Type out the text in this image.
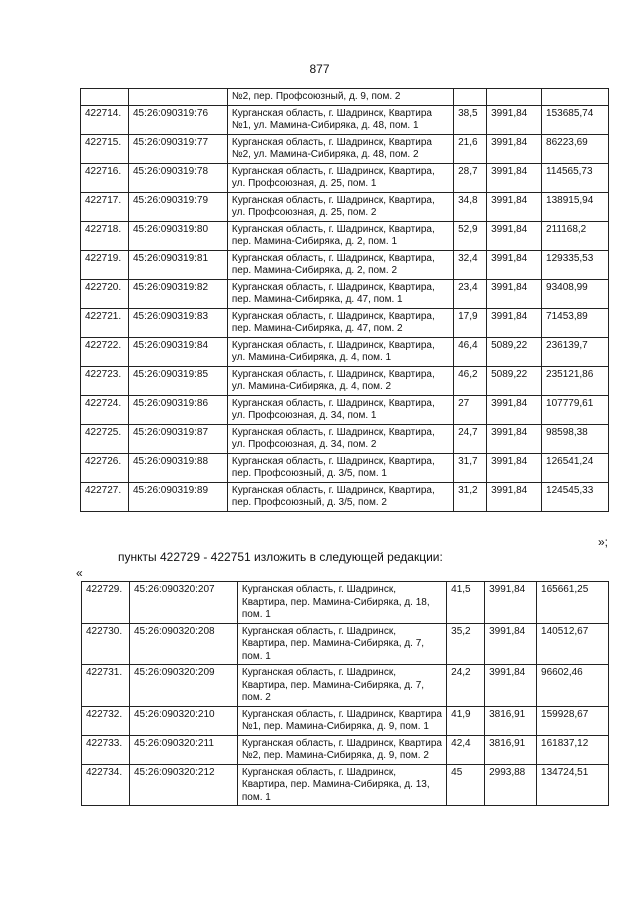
877
		№2, пер. Профсоюзный, д. 9, пом. 2			
422714.	45:26:090319:76	Курганская область, г. Шадринск, Квартира №1, ул. Мамина-Сибиряка, д. 48, пом. 1	38,5	3991,84	153685,74
422715.	45:26:090319:77	Курганская область, г. Шадринск, Квартира №2, ул. Мамина-Сибиряка, д. 48, пом. 2	21,6	3991,84	86223,69
422716.	45:26:090319:78	Курганская область, г. Шадринск, Квартира, ул. Профсоюзная, д. 25, пом. 1	28,7	3991,84	114565,73
422717.	45:26:090319:79	Курганская область, г. Шадринск, Квартира, ул. Профсоюзная, д. 25, пом. 2	34,8	3991,84	138915,94
422718.	45:26:090319:80	Курганская область, г. Шадринск, Квартира, пер. Мамина-Сибиряка, д. 2, пом. 1	52,9	3991,84	211168,2
422719.	45:26:090319:81	Курганская область, г. Шадринск, Квартира, пер. Мамина-Сибиряка, д. 2, пом. 2	32,4	3991,84	129335,53
422720.	45:26:090319:82	Курганская область, г. Шадринск, Квартира, пер. Мамина-Сибиряка, д. 47, пом. 1	23,4	3991,84	93408,99
422721.	45:26:090319:83	Курганская область, г. Шадринск, Квартира, пер. Мамина-Сибиряка, д. 47, пом. 2	17,9	3991,84	71453,89
422722.	45:26:090319:84	Курганская область, г. Шадринск, Квартира, ул. Мамина-Сибиряка, д. 4, пом. 1	46,4	5089,22	236139,7
422723.	45:26:090319:85	Курганская область, г. Шадринск, Квартира, ул. Мамина-Сибиряка, д. 4, пом. 2	46,2	5089,22	235121,86
422724.	45:26:090319:86	Курганская область, г. Шадринск, Квартира, ул. Профсоюзная, д. 34, пом. 1	27	3991,84	107779,61
422725.	45:26:090319:87	Курганская область, г. Шадринск, Квартира, ул. Профсоюзная, д. 34, пом. 2	24,7	3991,84	98598,38
422726.	45:26:090319:88	Курганская область, г. Шадринск, Квартира, пер. Профсоюзный, д. 3/5, пом. 1	31,7	3991,84	126541,24
422727.	45:26:090319:89	Курганская область, г. Шадринск, Квартира, пер. Профсоюзный, д. 3/5, пом. 2	31,2	3991,84	124545,33
»;
пункты 422729 - 422751 изложить в следующей редакции:
«
422729.	45:26:090320:207	Курганская область, г. Шадринск, Квартира, пер. Мамина-Сибиряка, д. 18, пом. 1	41,5	3991,84	165661,25
422730.	45:26:090320:208	Курганская область, г. Шадринск, Квартира, пер. Мамина-Сибиряка, д. 7, пом. 1	35,2	3991,84	140512,67
422731.	45:26:090320:209	Курганская область, г. Шадринск, Квартира, пер. Мамина-Сибиряка, д. 7, пом. 2	24,2	3991,84	96602,46
422732.	45:26:090320:210	Курганская область, г. Шадринск, Квартира №1, пер. Мамина-Сибиряка, д. 9, пом. 1	41,9	3816,91	159928,67
422733.	45:26:090320:211	Курганская область, г. Шадринск, Квартира №2, пер. Мамина-Сибиряка, д. 9, пом. 2	42,4	3816,91	161837,12
422734.	45:26:090320:212	Курганская область, г. Шадринск, Квартира, пер. Мамина-Сибиряка, д. 13, пом. 1	45	2993,88	134724,51
